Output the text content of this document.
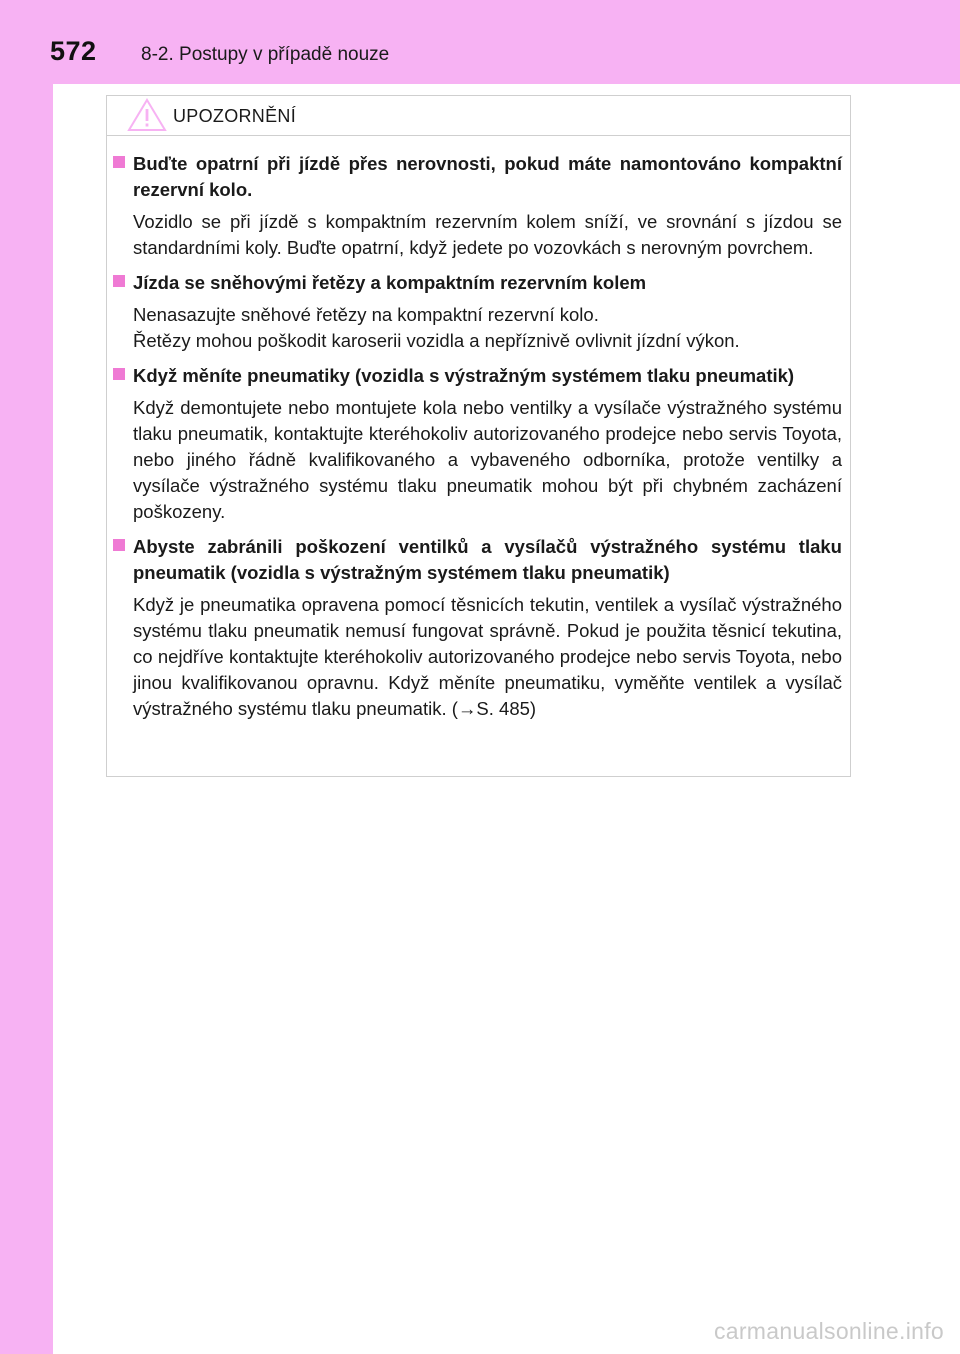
572 8-2. Postupy v případě nouze
UPOZORNĚNÍ

Buďte opatrní při jízdě přes nerovnosti, pokud máte namontováno kompaktní rezervní kolo.

Vozidlo se při jízdě s kompaktním rezervním kolem sníží, ve srovnání s jízdou se standardními koly. Buďte opatrní, když jedete po vozovkách s nerovným povrchem.

Jízda se sněhovými řetězy a kompaktním rezervním kolem

Nenasazujte sněhové řetězy na kompaktní rezervní kolo.
Řetězy mohou poškodit karoserii vozidla a nepříznivě ovlivnit jízdní výkon.

Když měníte pneumatiky (vozidla s výstražným systémem tlaku pneumatik)

Když demontujete nebo montujete kola nebo ventilky a vysílače výstražného systému tlaku pneumatik, kontaktujte kteréhokoliv autorizovaného prodejce nebo servis Toyota, nebo jiného řádně kvalifikovaného a vybaveného odborníka, protože ventilky a vysílače výstražného systému tlaku pneumatik mohou být při chybném zacházení poškozeny.

Abyste zabránili poškození ventilků a vysílačů výstražného systému tlaku pneumatik (vozidla s výstražným systémem tlaku pneumatik)

Když je pneumatika opravena pomocí těsnicích tekutin, ventilek a vysílač výstražného systému tlaku pneumatik nemusí fungovat správně. Pokud je použita těsnicí tekutina, co nejdříve kontaktujte kteréhokoliv autorizovaného prodejce nebo servis Toyota, nebo jinou kvalifikovanou opravnu. Když měníte pneumatiku, vyměňte ventilek a vysílač výstražného systému tlaku pneumatik. (→S. 485)

carmanualsonline.info
